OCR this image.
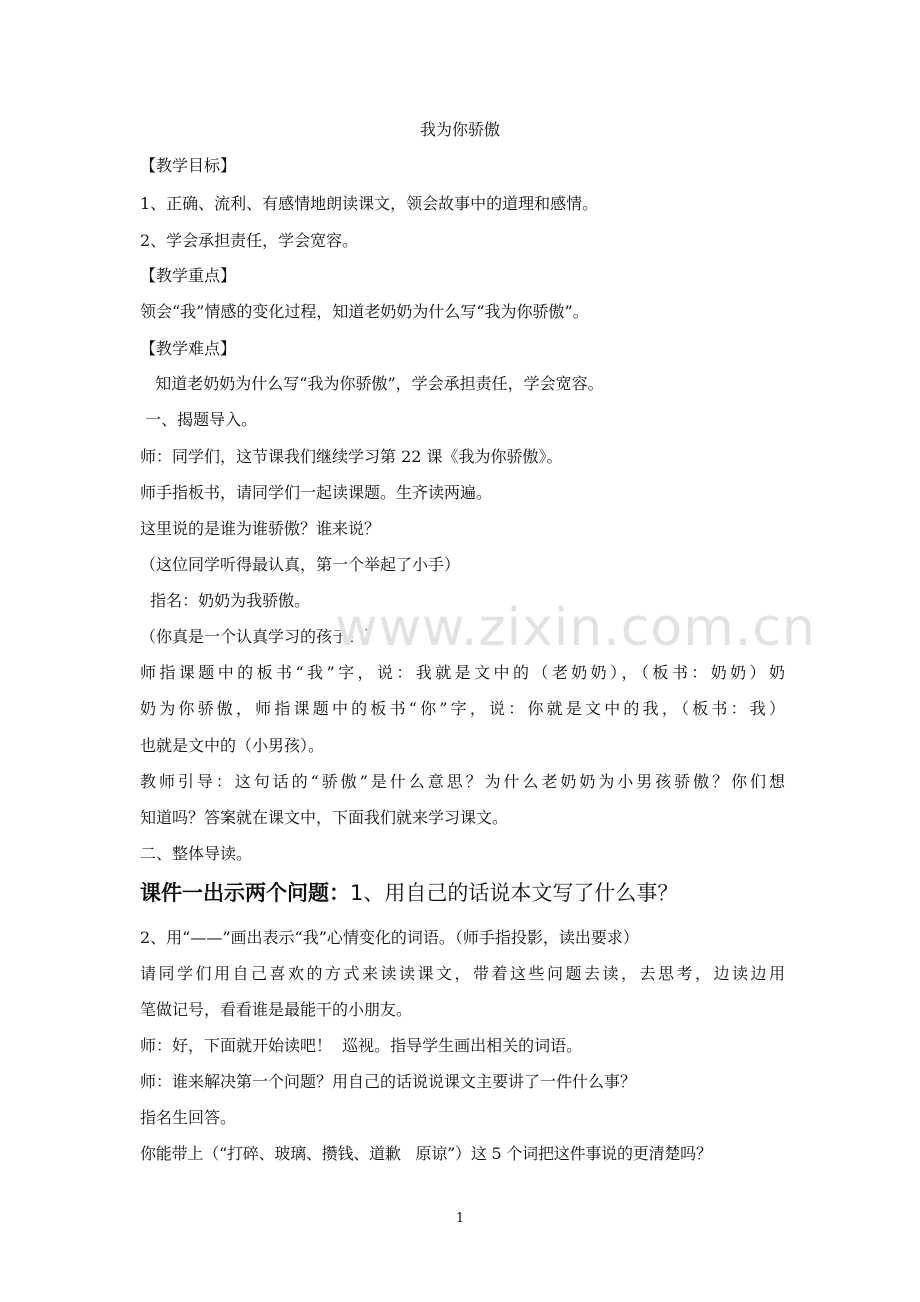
我为你骄傲
【教学目标】
1、正确、流利、有感情地朗读课文，领会故事中的道理和感情。
2、学会承担责任，学会宽容。
【教学重点】
领会“我”情感的变化过程，知道老奶奶为什么写“我为你骄傲”。
【教学难点】
知道老奶奶为什么写“我为你骄傲”，学会承担责任，学会宽容。
一、揭题导入。
师：同学们，这节课我们继续学习第 22 课《我为你骄傲》。
师手指板书，请同学们一起读课题。生齐读两遍。
这里说的是谁为谁骄傲？谁来说？
（这位同学听得最认真，第一个举起了小手）
指名：奶奶为我骄傲。
（你真是一个认真学习的孩子！）
师指课题中的板书“我”字，说：我就是文中的（老奶奶），（板书：奶奶）奶
奶为你骄傲，师指课题中的板书“你”字，说：你就是文中的我，（板书：我）
也就是文中的（小男孩）。
教师引导：这句话的“骄傲”是什么意思？为什么老奶奶为小男孩骄傲？你们想
知道吗？答案就在课文中，下面我们就来学习课文。
二、整体导读。
课件一出示两个问题：1、用自己的话说本文写了什么事？
2、用“——”画出表示“我”心情变化的词语。（师手指投影，读出要求）
请同学们用自己喜欢的方式来读读课文，带着这些问题去读，去思考，边读边用
笔做记号，看看谁是最能干的小朋友。
师：好，下面就开始读吧！  巡视。指导学生画出相关的词语。
师：谁来解决第一个问题？用自己的话说说课文主要讲了一件什么事？
指名生回答。
你能带上（“打碎、玻璃、攒钱、道歉   原谅”）这 5 个词把这件事说的更清楚吗？
www.zixin.com.cn
1
